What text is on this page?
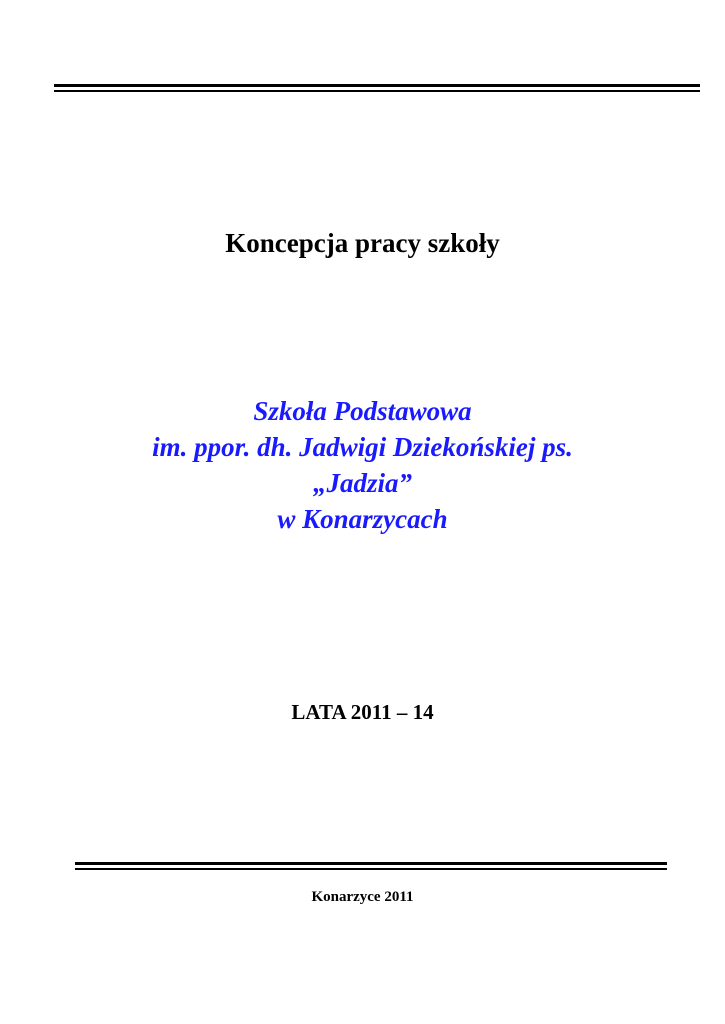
Koncepcja pracy szkoły
Szkoła Podstawowa
im. ppor. dh. Jadwigi Dziekońskiej ps.
„Jadzia”
w Konarzycach
LATA 2011 – 14
Konarzyce 2011
